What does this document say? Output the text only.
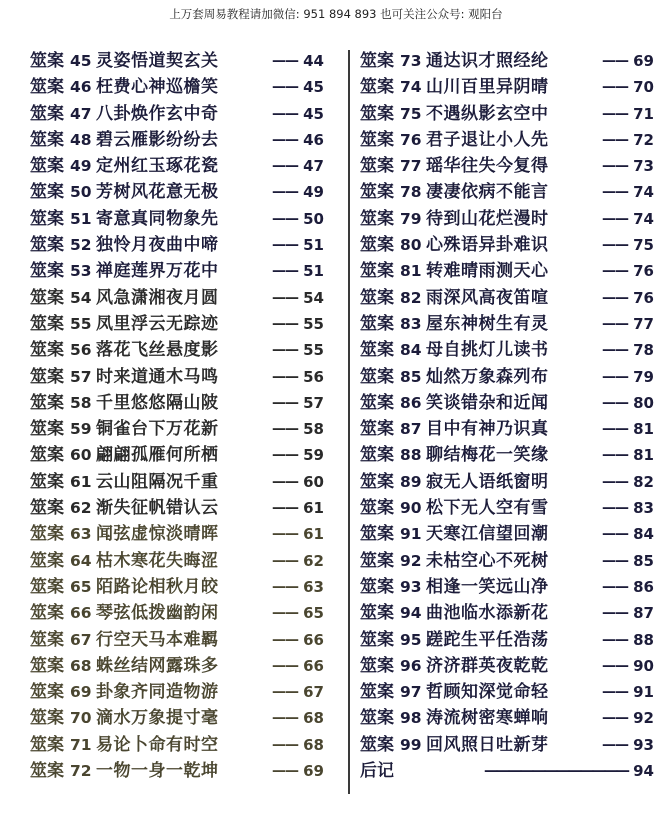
上万套周易教程请加微信: 951 894 893 也可关注公众号: 观阳台
筮案 45 灵姿悟道契玄关	—— 44
筮案 46 枉费心神巡檐笑	—— 45
筮案 47 八卦焕作玄中奇	—— 45
筮案 48 碧云雁影纷纷去	—— 46
筮案 49 定州红玉琢花瓷	—— 47
筮案 50 芳树风花意无极	—— 49
筮案 51 寄意真同物象先	—— 50
筮案 52 独怜月夜曲中啼	—— 51
筮案 53 禅庭莲界万花中	—— 51
筮案 54 风急潇湘夜月圆	—— 54
筮案 55 凤里浮云无踪迹	—— 55
筮案 56 落花飞丝悬度影	—— 55
筮案 57 时来道通木马鸣	—— 56
筮案 58 千里悠悠隔山陂	—— 57
筮案 59 铜雀台下万花新	—— 58
筮案 60 翩翩孤雁何所栖	—— 59
筮案 61 云山阻隔况千重	—— 60
筮案 62 渐失征帆错认云	—— 61
筮案 63 闻弦虚惊淡晴晖	—— 61
筮案 64 枯木寒花失晦涩	—— 62
筮案 65 陌路论相秋月皎	—— 63
筮案 66 琴弦低拨幽韵闲	—— 65
筮案 67 行空天马本难羁	—— 66
筮案 68 蛛丝结网露珠多	—— 66
筮案 69 卦象齐同造物游	—— 67
筮案 70 滴水万象提寸毫	—— 68
筮案 71 易论卜命有时空	—— 68
筮案 72 一物一身一乾坤	—— 69
筮案 73 通达识才照经纶	—— 69
筮案 74 山川百里异阴晴	—— 70
筮案 75 不遇纵影玄空中	—— 71
筮案 76 君子退让小人先	—— 72
筮案 77 瑶华往失今复得	—— 73
筮案 78 凄凄依病不能言	—— 74
筮案 79 待到山花烂漫时	—— 74
筮案 80 心殊语异卦难识	—— 75
筮案 81 转难晴雨测天心	—— 76
筮案 82 雨深风高夜笛喧	—— 76
筮案 83 屋东神树生有灵	—— 77
筮案 84 母自挑灯儿读书	—— 78
筮案 85 灿然万象森列布	—— 79
筮案 86 笑谈错杂和近闻	—— 80
筮案 87 目中有神乃识真	—— 81
筮案 88 聊结梅花一笑缘	—— 81
筮案 89 寂无人语纸窗明	—— 82
筮案 90 松下无人空有雪	—— 83
筮案 91 天寒江信望回潮	—— 84
筮案 92 未枯空心不死树	—— 85
筮案 93 相逢一笑远山净	—— 86
筮案 94 曲池临水添新花	—— 87
筮案 95 蹉跎生平任浩荡	—— 88
筮案 96 济济群英夜乾乾	—— 90
筮案 97 哲顾知深觉命轻	—— 91
筮案 98 涛流树密寒蝉响	—— 92
筮案 99 回风照日吐新芽	—— 93
后记	———————————— 94
